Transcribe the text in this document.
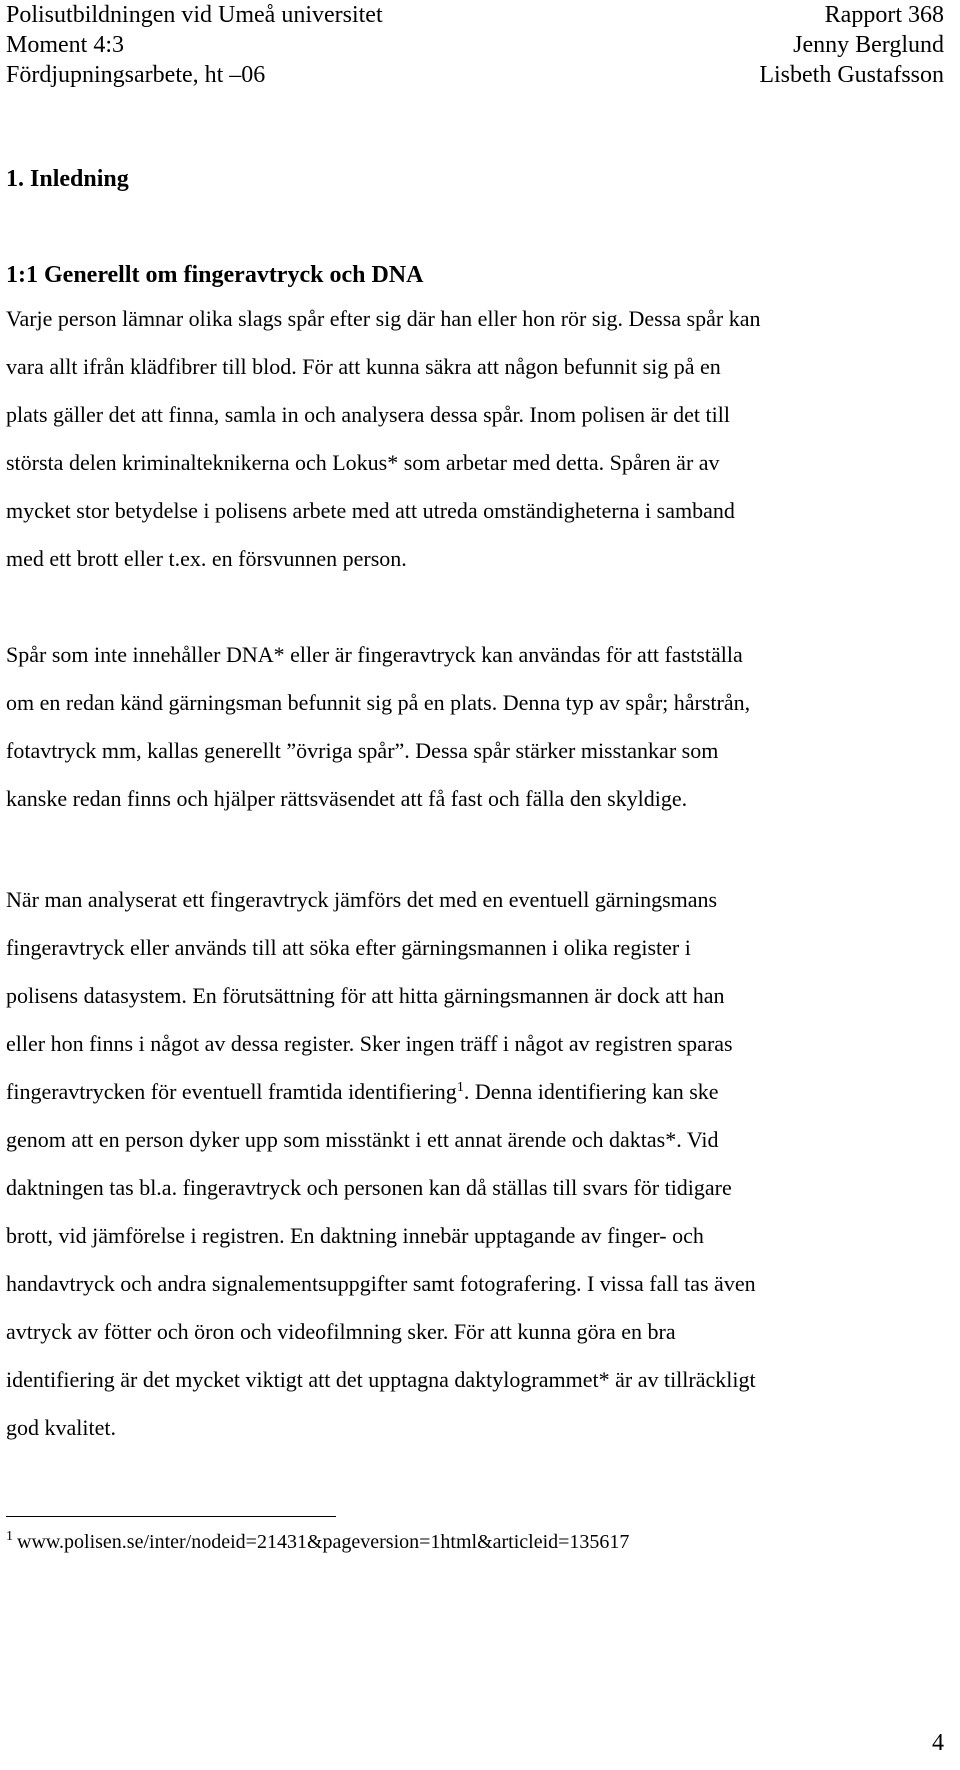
Polisutbildningen vid Umeå universitet
Moment 4:3
Fördjupningsarbete, ht –06
Rapport 368
Jenny Berglund
Lisbeth Gustafsson
1. Inledning
1:1 Generellt om fingeravtryck och DNA
Varje person lämnar olika slags spår efter sig där han eller hon rör sig. Dessa spår kan
vara allt ifrån klädfibrer till blod. För att kunna säkra att någon befunnit sig på en
plats gäller det att finna, samla in och analysera dessa spår. Inom polisen är det till
största delen kriminalteknikerna och Lokus* som arbetar med detta. Spåren är av
mycket stor betydelse i polisens arbete med att utreda omständigheterna i samband
med ett brott eller t.ex. en försvunnen person.
Spår som inte innehåller DNA* eller är fingeravtryck kan användas för att fastställa
om en redan känd gärningsman befunnit sig på en plats. Denna typ av spår; hårstrån,
fotavtryck mm, kallas generellt ”övriga spår”. Dessa spår stärker misstankar som
kanske redan finns och hjälper rättsväsendet att få fast och fälla den skyldige.
När man analyserat ett fingeravtryck jämförs det med en eventuell gärningsmans
fingeravtryck eller används till att söka efter gärningsmannen i olika register i
polisens datasystem. En förutsättning för att hitta gärningsmannen är dock att han
eller hon finns i något av dessa register. Sker ingen träff i något av registren sparas
fingeravtrycken för eventuell framtida identifiering$^1$. Denna identifiering kan ske
genom att en person dyker upp som misstänkt i ett annat ärende och daktas*. Vid
daktningen tas bl.a. fingeravtryck och personen kan då ställas till svars för tidigare
brott, vid jämförelse i registren. En daktning innebär upptagande av finger- och
handavtryck och andra signalementsuppgifter samt fotografering. I vissa fall tas även
avtryck av fötter och öron och videofilmning sker. För att kunna göra en bra
identifiering är det mycket viktigt att det upptagna daktylogrammet* är av tillräckligt
god kvalitet.
$^1$ www.polisen.se/inter/nodeid=21431&pageversion=1html&articleid=135617
4
